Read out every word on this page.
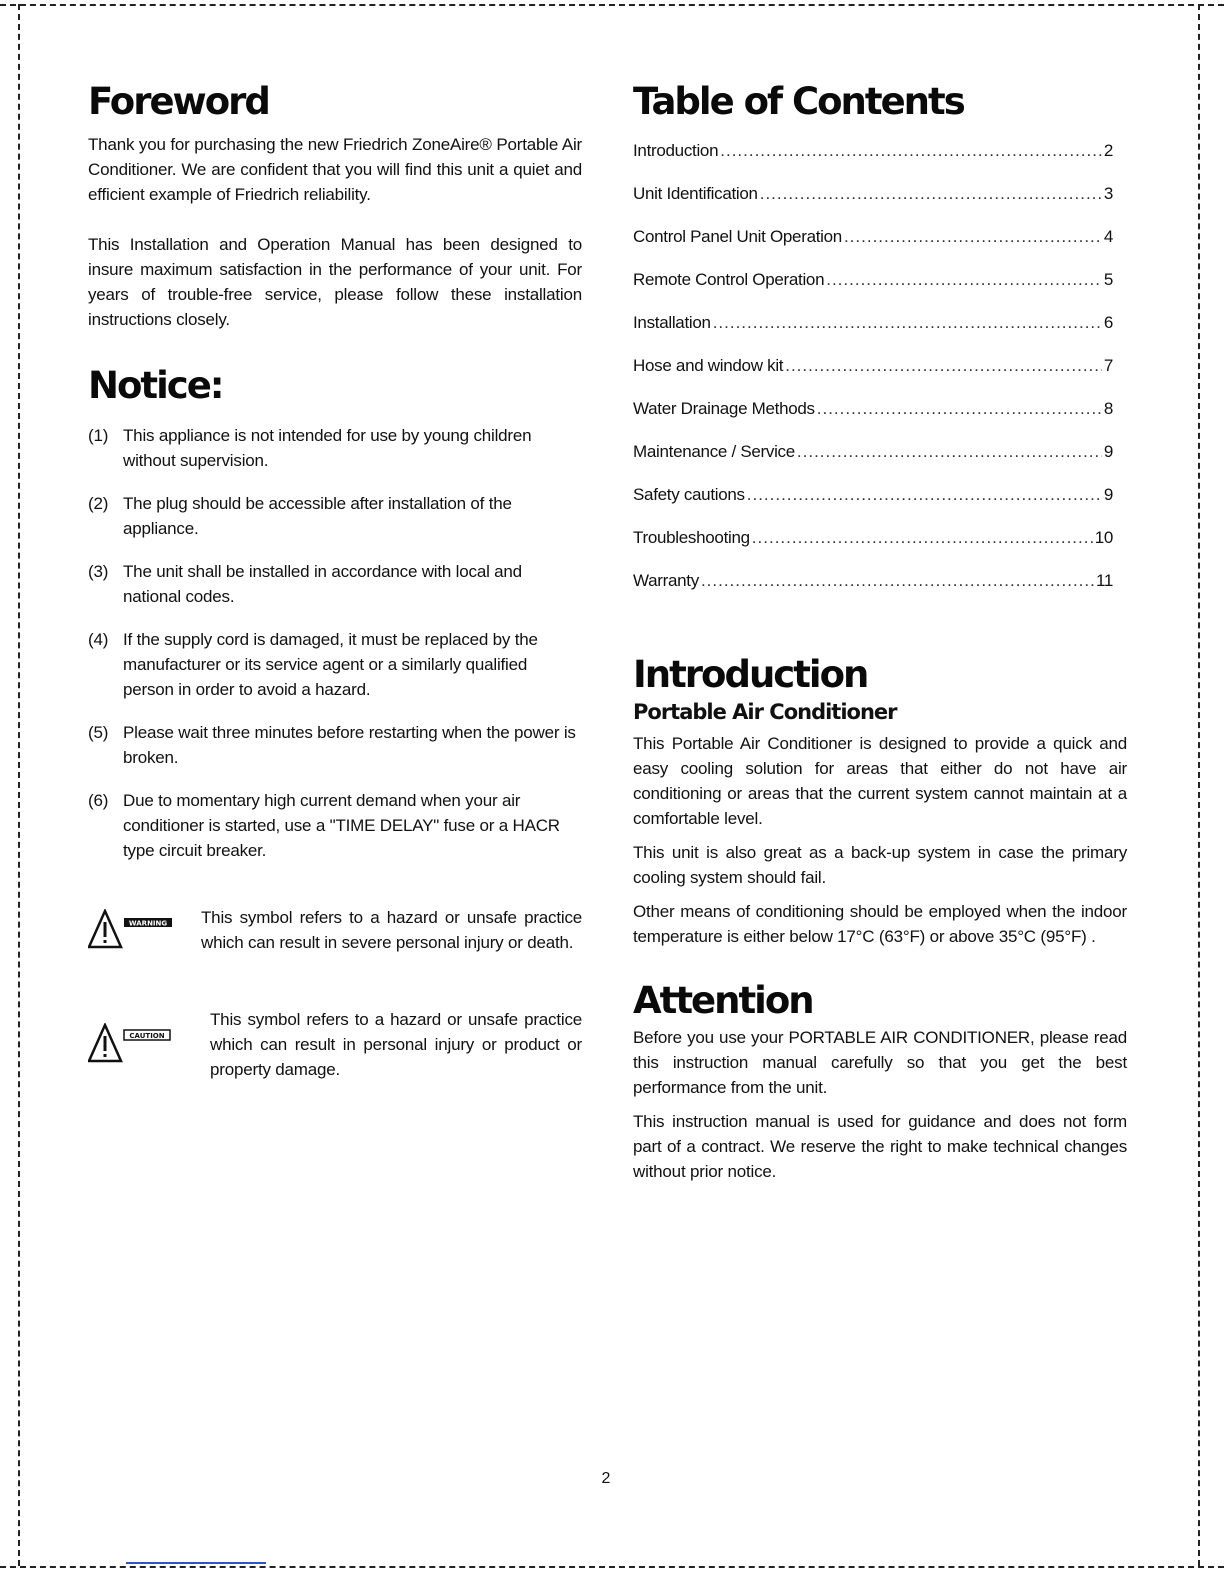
Foreword

Thank you for purchasing the new Friedrich ZoneAire® Portable Air Conditioner. We are confident that you will find this unit a quiet and efficient example of Friedrich reliability.

This Installation and Operation Manual has been designed to insure maximum satisfaction in the performance of your unit. For years of trouble-free service, please follow these installation instructions closely.

Notice:
(1) This appliance is not intended for use by young children without supervision.
(2) The plug should be accessible after installation of the appliance.
(3) The unit shall be installed in accordance with local and national codes.
(4) If the supply cord is damaged, it must be replaced by the manufacturer or its service agent or a similarly qualified person in order to avoid a hazard.
(5) Please wait three minutes before restarting when the power is broken.
(6) Due to momentary high current demand when your air conditioner is started, use a "TIME DELAY" fuse or a HACR type circuit breaker.
WARNING This symbol refers to a hazard or unsafe practice which can result in severe personal injury or death.
CAUTION
This symbol refers to a hazard or unsafe practice which can result in personal injury or product or property damage.
Table of Contents
Introduction .....	2
Unit Identification .....	3
Control Panel Unit Operation .....	4
Remote Control Operation .....	5
Installation .....	6
Hose and window kit .....	7
Water Drainage Methods .....	8
Maintenance / Service .....	9
Safety cautions .....	9
Troubleshooting .....	10
Warranty .....	11
Introduction
Portable Air Conditioner

This Portable Air Conditioner is designed to provide a quick and easy cooling solution for areas that either do not have air conditioning or areas that the current system cannot maintain at a comfortable level.

This unit is also great as a back-up system in case the primary cooling system should fail.

Other means of conditioning should be employed when the indoor temperature is either below 17°C (63°F) or above 35°C (95°F) .

Attention

Before you use your PORTABLE AIR CONDITIONER, please read this instruction manual carefully so that you get the best performance from the unit.

This instruction manual is used for guidance and does not form part of a contract. We reserve the right to make technical changes without prior notice.

2
